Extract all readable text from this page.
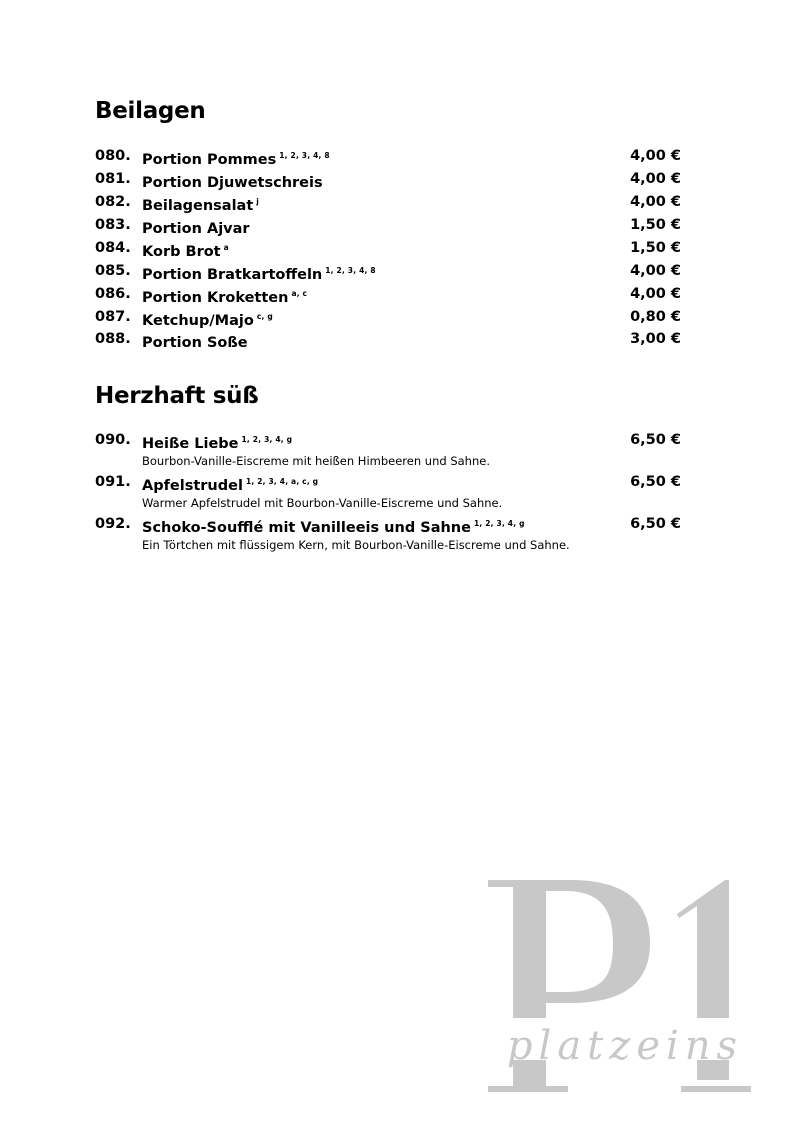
Beilagen
080. Portion Pommes $^{1, 2, 3, 4, 8}$	4,00 €
081. Portion Djuwetschreis	4,00 €
082. Beilagensalat $^j$	4,00 €
083. Portion Ajvar	1,50 €
084. Korb Brot $^a$	1,50 €
085. Portion Bratkartoffeln $^{1, 2, 3, 4, 8}$	4,00 €
086. Portion Kroketten $^{a, c}$	4,00 €
087. Ketchup/Majo $^{c, g}$	0,80 €
088. Portion Soße	3,00 €
Herzhaft süß
090. Heiße Liebe $^{1, 2, 3, 4, g}$	6,50 €
Bourbon-Vanille-Eiscreme mit heißen Himbeeren und Sahne.
091. Apfelstrudel $^{1, 2, 3, 4, a, c, g}$	6,50 €
Warmer Apfelstrudel mit Bourbon-Vanille-Eiscreme und Sahne.
092. Schoko-Soufflé mit Vanilleeis und Sahne $^{1, 2, 3, 4, g}$	6,50 €
Ein Törtchen mit flüssigem Kern, mit Bourbon-Vanille-Eiscreme und Sahne.
platzeins
